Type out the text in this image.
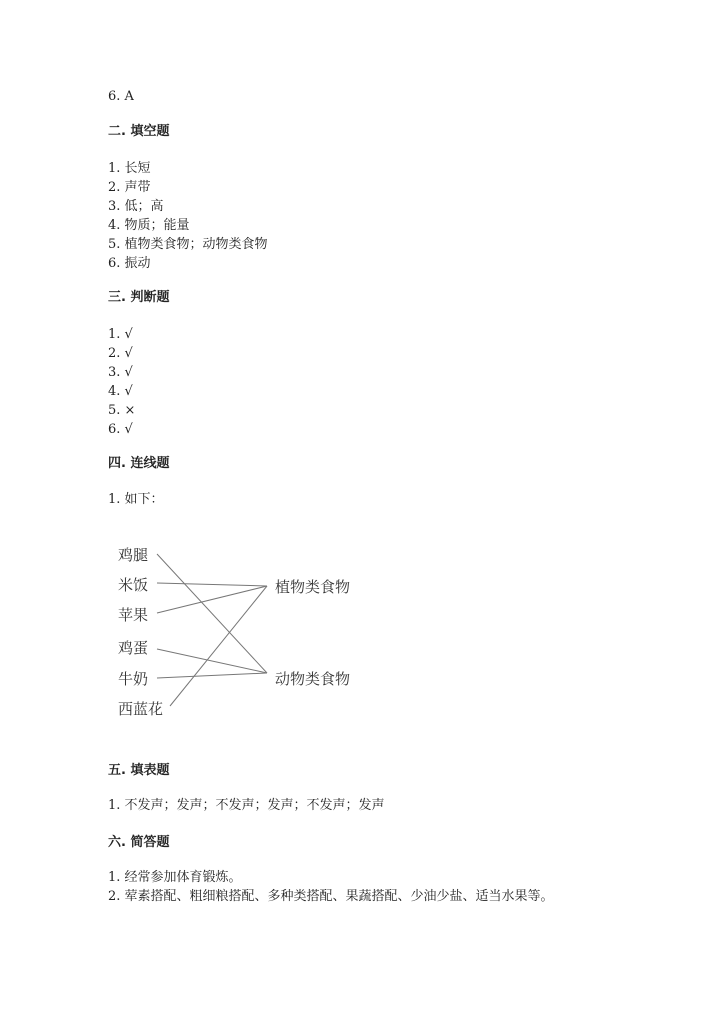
6. A
二. 填空题
1. 长短
2. 声带
3. 低；高
4. 物质；能量
5. 植物类食物；动物类食物
6. 振动
三. 判断题
1. √
2. √
3. √
4. √
5. ×
6. √
四. 连线题
1. 如下：
鸡腿
米饭
苹果
鸡蛋
牛奶
西蓝花
植物类食物
动物类食物
五. 填表题
1. 不发声；发声；不发声；发声；不发声；发声
六. 简答题
1. 经常参加体育锻炼。
2. 荤素搭配、粗细粮搭配、多种类搭配、果蔬搭配、少油少盐、适当水果等。
